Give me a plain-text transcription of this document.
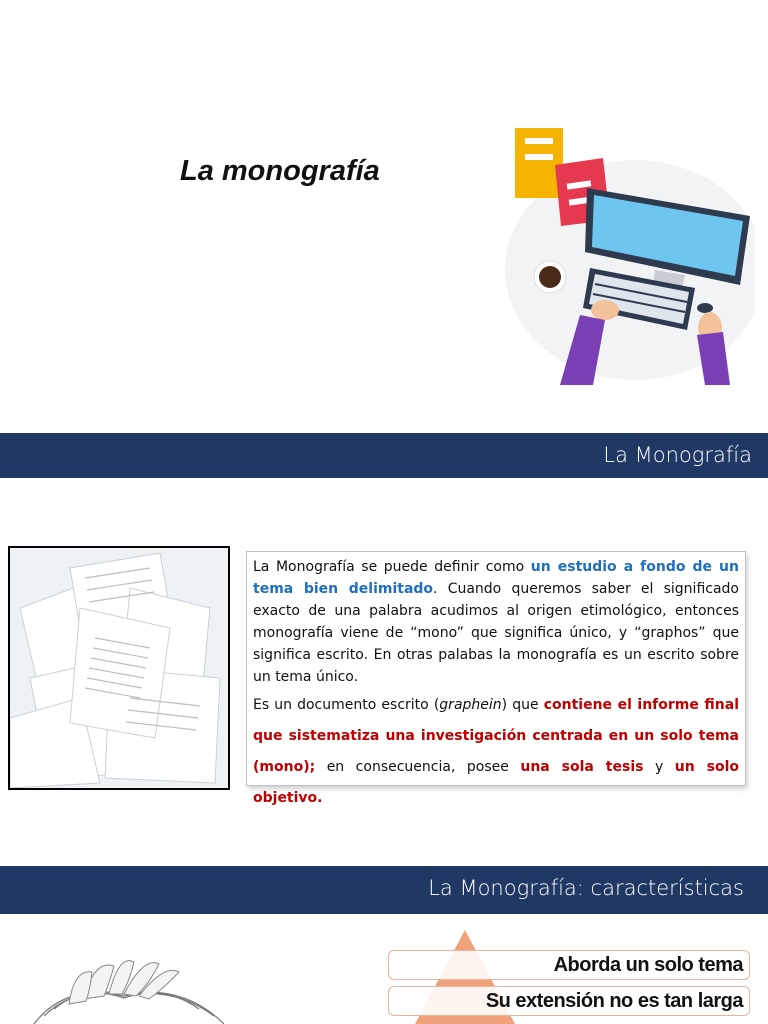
La monografía
La Monografía

La Monografía se puede definir como un estudio a fondo de un tema bien delimitado. Cuando queremos saber el significado exacto de una palabra acudimos al origen etimológico, entonces monografía viene de “mono” que significa único, y “graphos” que significa escrito. En otras palabas la monografía es un escrito sobre un tema único.

Es un documento escrito (graphein) que contiene el informe final que sistematiza una investigación centrada en un solo tema (mono); en consecuencia, posee una sola tesis y un solo objetivo.

La Monografía: características
Aborda un solo tema
Su extensión no es tan larga
